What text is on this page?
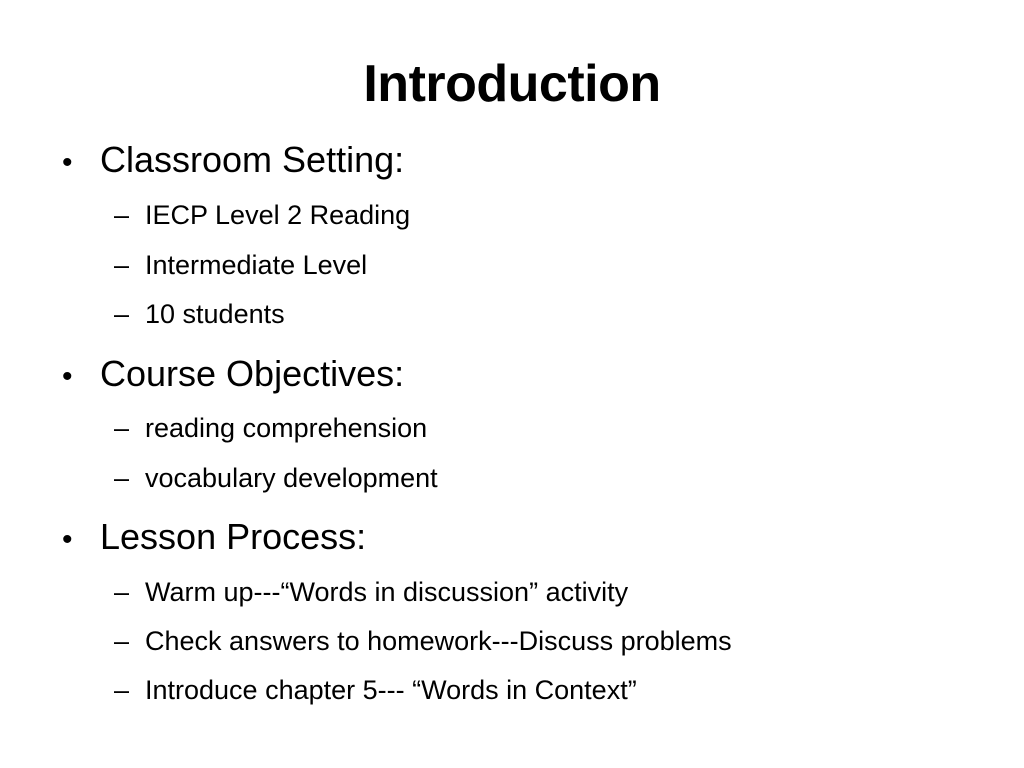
Introduction
• Classroom Setting:
– IECP Level 2 Reading
– Intermediate Level
– 10 students
• Course Objectives:
– reading comprehension
– vocabulary development
• Lesson Process:
– Warm up---“Words in discussion” activity
– Check answers to homework---Discuss problems
– Introduce chapter 5--- “Words in Context”
